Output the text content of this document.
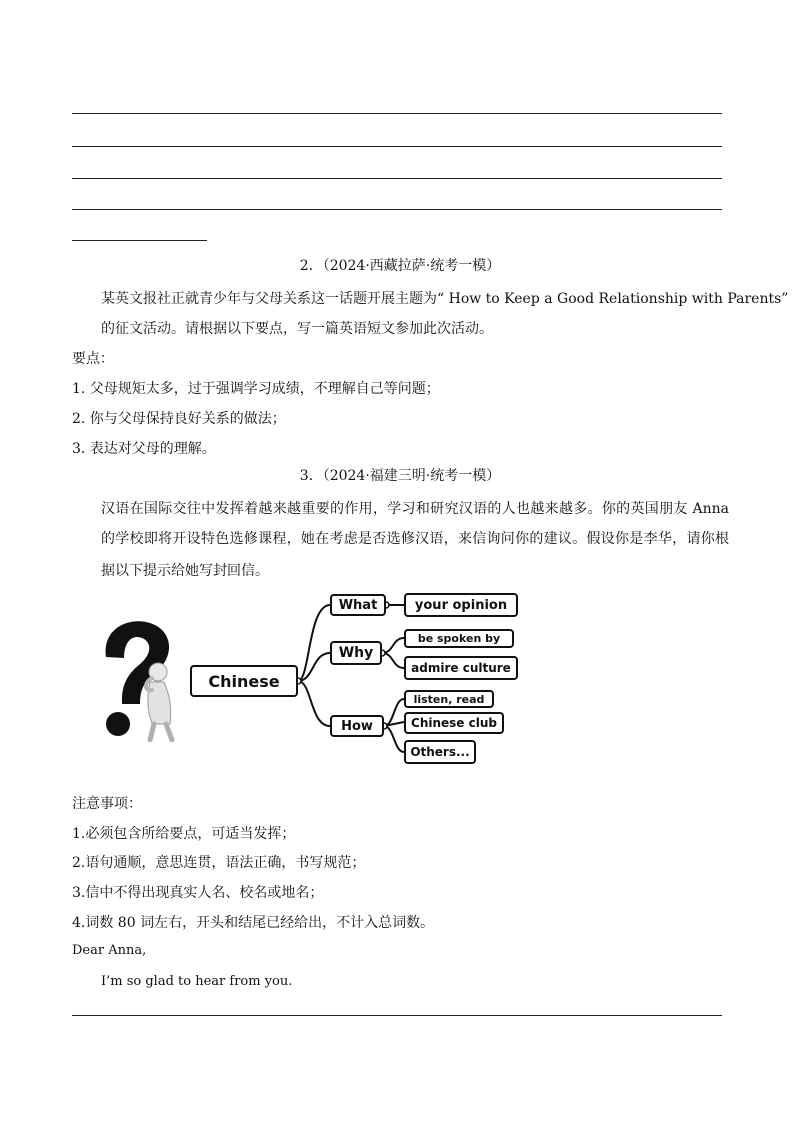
2．（2024·西藏拉萨·统考一模）
某英文报社正就青少年与父母关系这一话题开展主题为“ How to Keep a Good Relationship with Parents”
的征文活动。请根据以下要点，写一篇英语短文参加此次活动。
要点：
1. 父母规矩太多，过于强调学习成绩，不理解自己等问题；
2. 你与父母保持良好关系的做法；
3. 表达对父母的理解。
3．（2024·福建三明·统考一模）
汉语在国际交往中发挥着越来越重要的作用，学习和研究汉语的人也越来越多。你的英国朋友 Anna
的学校即将开设特色选修课程，她在考虑是否选修汉语，来信询问你的建议。假设你是李华，请你根
据以下提示给她写封回信。
Chinese
What	your opinion
Why
be spoken by
admire culture
How
listen, read
Chinese club
Others...
注意事项：
1.必须包含所给要点，可适当发挥；
2.语句通顺，意思连贯，语法正确，书写规范；
3.信中不得出现真实人名、校名或地名；
4.词数 80 词左右，开头和结尾已经给出，不计入总词数。
Dear Anna,
I’m so glad to hear from you.
